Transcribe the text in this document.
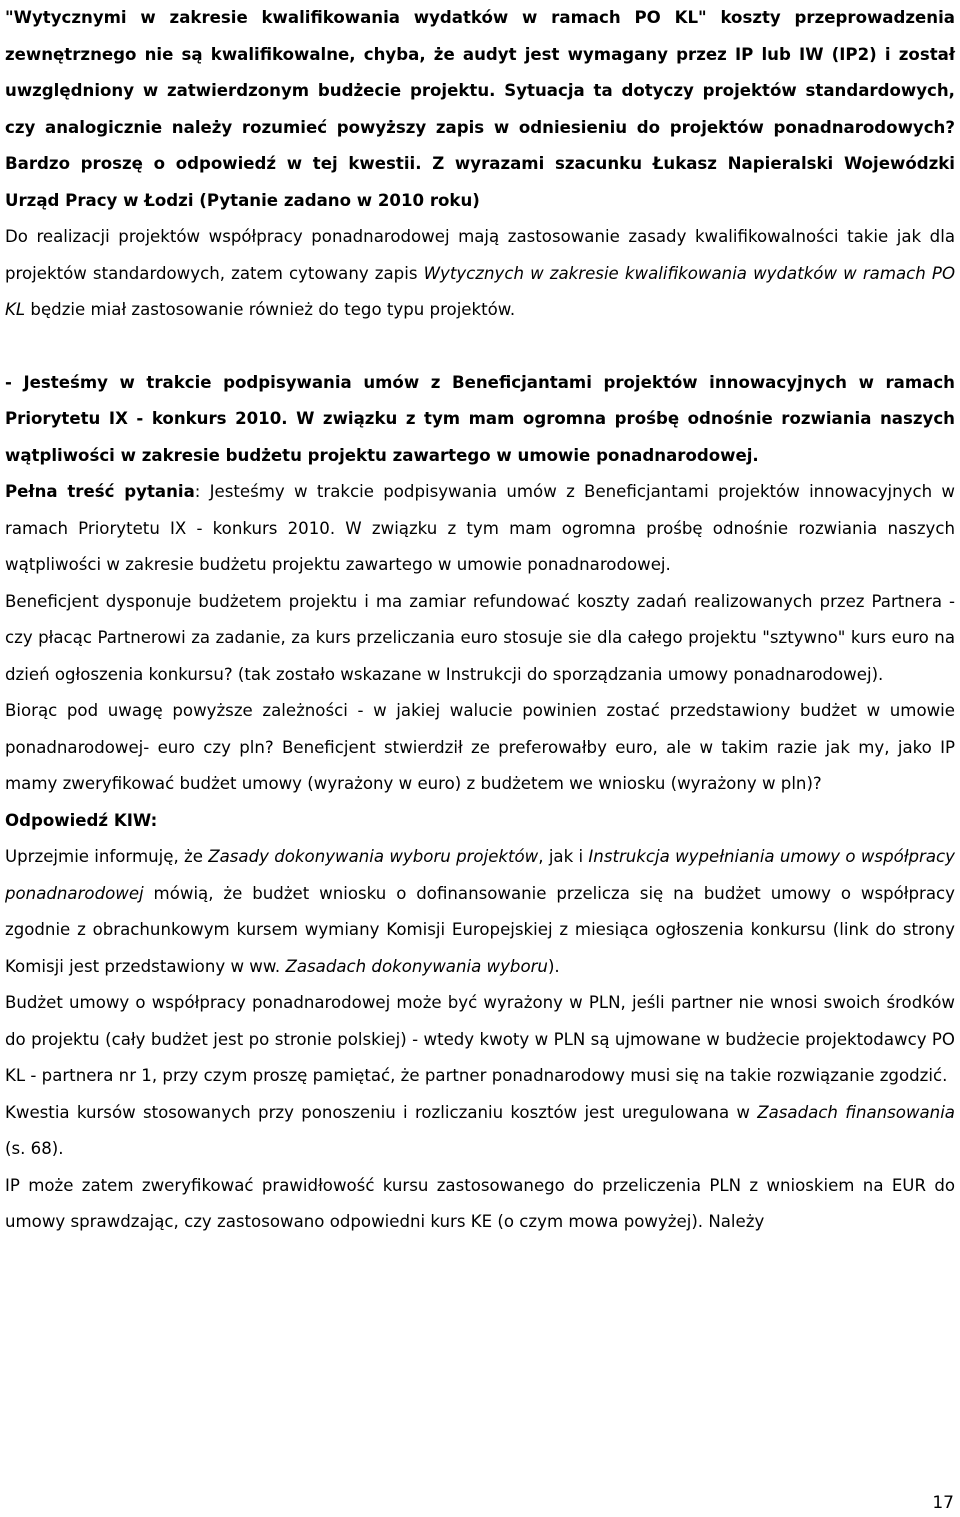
"Wytycznymi w zakresie kwalifikowania wydatków w ramach PO KL" koszty przeprowadzenia zewnętrznego nie są kwalifikowalne, chyba, że audyt jest wymagany przez IP lub IW (IP2) i został uwzględniony w zatwierdzonym budżecie projektu. Sytuacja ta dotyczy projektów standardowych, czy analogicznie należy rozumieć powyższy zapis w odniesieniu do projektów ponadnarodowych? Bardzo proszę o odpowiedź w tej kwestii. Z wyrazami szacunku Łukasz Napieralski Wojewódzki Urząd Pracy w Łodzi (Pytanie zadano w 2010 roku)
Do realizacji projektów współpracy ponadnarodowej mają zastosowanie zasady kwalifikowalności takie jak dla projektów standardowych, zatem cytowany zapis Wytycznych w zakresie kwalifikowania wydatków w ramach PO KL będzie miał zastosowanie również do tego typu projektów.
- Jesteśmy w trakcie podpisywania umów z Beneficjantami projektów innowacyjnych w ramach Priorytetu IX - konkurs 2010. W związku z tym mam ogromna prośbę odnośnie rozwiania naszych wątpliwości w zakresie budżetu projektu zawartego w umowie ponadnarodowej.
Pełna treść pytania: Jesteśmy w trakcie podpisywania umów z Beneficjantami projektów innowacyjnych w ramach Priorytetu IX - konkurs 2010. W związku z tym mam ogromna prośbę odnośnie rozwiania naszych wątpliwości w zakresie budżetu projektu zawartego w umowie ponadnarodowej.
Beneficjent dysponuje budżetem projektu i ma zamiar refundować koszty zadań realizowanych przez Partnera - czy płacąc Partnerowi za zadanie, za kurs przeliczania euro stosuje sie dla całego projektu "sztywno" kurs euro na dzień ogłoszenia konkursu? (tak zostało wskazane w Instrukcji do sporządzania umowy ponadnarodowej).
Biorąc pod uwagę powyższe zależności - w jakiej walucie powinien zostać przedstawiony budżet w umowie ponadnarodowej- euro czy pln? Beneficjent stwierdził ze preferowałby euro, ale w takim razie jak my, jako IP mamy zweryfikować budżet umowy (wyrażony w euro) z budżetem we wniosku (wyrażony w pln)?
Odpowiedź KIW:
Uprzejmie informuję, że Zasady dokonywania wyboru projektów, jak i Instrukcja wypełniania umowy o współpracy ponadnarodowej mówią, że budżet wniosku o dofinansowanie przelicza się na budżet umowy o współpracy zgodnie z obrachunkowym kursem wymiany Komisji Europejskiej z miesiąca ogłoszenia konkursu (link do strony Komisji jest przedstawiony w ww. Zasadach dokonywania wyboru).
Budżet umowy o współpracy ponadnarodowej może być wyrażony w PLN, jeśli partner nie wnosi swoich środków do projektu (cały budżet jest po stronie polskiej) - wtedy kwoty w PLN są ujmowane w budżecie projektodawcy PO KL - partnera nr 1, przy czym proszę pamiętać, że partner ponadnarodowy musi się na takie rozwiązanie zgodzić.
Kwestia kursów stosowanych przy ponoszeniu i rozliczaniu kosztów jest uregulowana w Zasadach finansowania (s. 68).
IP może zatem zweryfikować prawidłowość kursu zastosowanego do przeliczenia PLN z wnioskiem na EUR do umowy sprawdzając, czy zastosowano odpowiedni kurs KE (o czym mowa powyżej). Należy
17
